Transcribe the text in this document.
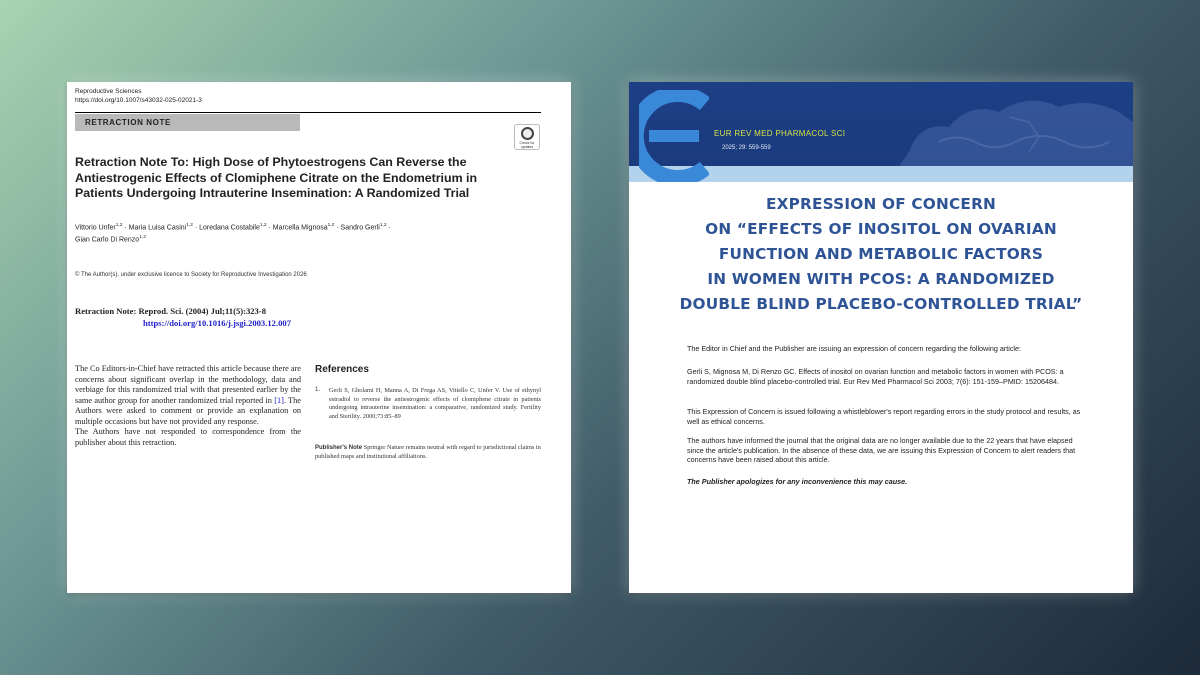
Reproductive Sciences
https://doi.org/10.1007/s43032-025-02021-3
RETRACTION NOTE
Check for updates
Retraction Note To: High Dose of Phytoestrogens Can Reverse the Antiestrogenic Effects of Clomiphene Citrate on the Endometrium in Patients Undergoing Intrauterine Insemination: A Randomized Trial
Vittorio Unfer$^{1,2}$ · Maria Luisa Casini$^{1,2}$ · Loredana Costabile$^{1,2}$ · Marcella Mignosa$^{1,2}$ · Sandro Gerli$^{1,2}$ ·
Gian Carlo Di Renzo$^{1,2}$
© The Author(s), under exclusive licence to Society for Reproductive Investigation 2026
Retraction Note: Reprod. Sci. (2004) Jul;11(5):323-8
https://doi.org/10.1016/j.jsgi.2003.12.007
The Co Editors-in-Chief have retracted this article because there are concerns about significant overlap in the methodology, data and verbiage for this randomized trial with that presented earlier by the same author group for another randomized trial reported in [1]. The Authors were asked to comment or provide an explanation on multiple occasions but have not provided any response.
The Authors have not responded to correspondence from the publisher about this retraction.
References
1. Gerli S, Gholami H, Manna A, Di Frega AS, Vitiello C, Unfer V. Use of ethynyl estradiol to reverse the antiestrogenic effects of clomiphene citrate in patients undergoing intrauterine insemination: a comparative, randomized study. Fertility and Sterility. 2000;73:85–89
Publisher's Note Springer Nature remains neutral with regard to jurisdictional claims in published maps and institutional affiliations.
EUR REV MED PHARMACOL SCI
2025; 29: 559-559
EXPRESSION OF CONCERN
ON “EFFECTS OF INOSITOL ON OVARIAN
FUNCTION AND METABOLIC FACTORS
IN WOMEN WITH PCOS: A RANDOMIZED
DOUBLE BLIND PLACEBO-CONTROLLED TRIAL”
The Editor in Chief and the Publisher are issuing an expression of concern regarding the following article:
Gerli S, Mignosa M, Di Renzo GC. Effects of inositol on ovarian function and metabolic factors in women with PCOS: a randomized double blind placebo-controlled trial. Eur Rev Med Pharmacol Sci 2003; 7(6): 151-159–PMID: 15206484.
This Expression of Concern is issued following a whistleblower's report regarding errors in the study protocol and results, as well as ethical concerns.
The authors have informed the journal that the original data are no longer available due to the 22 years that have elapsed since the article's publication. In the absence of these data, we are issuing this Expression of Concern to alert readers that concerns have been raised about this article.
The Publisher apologizes for any inconvenience this may cause.
